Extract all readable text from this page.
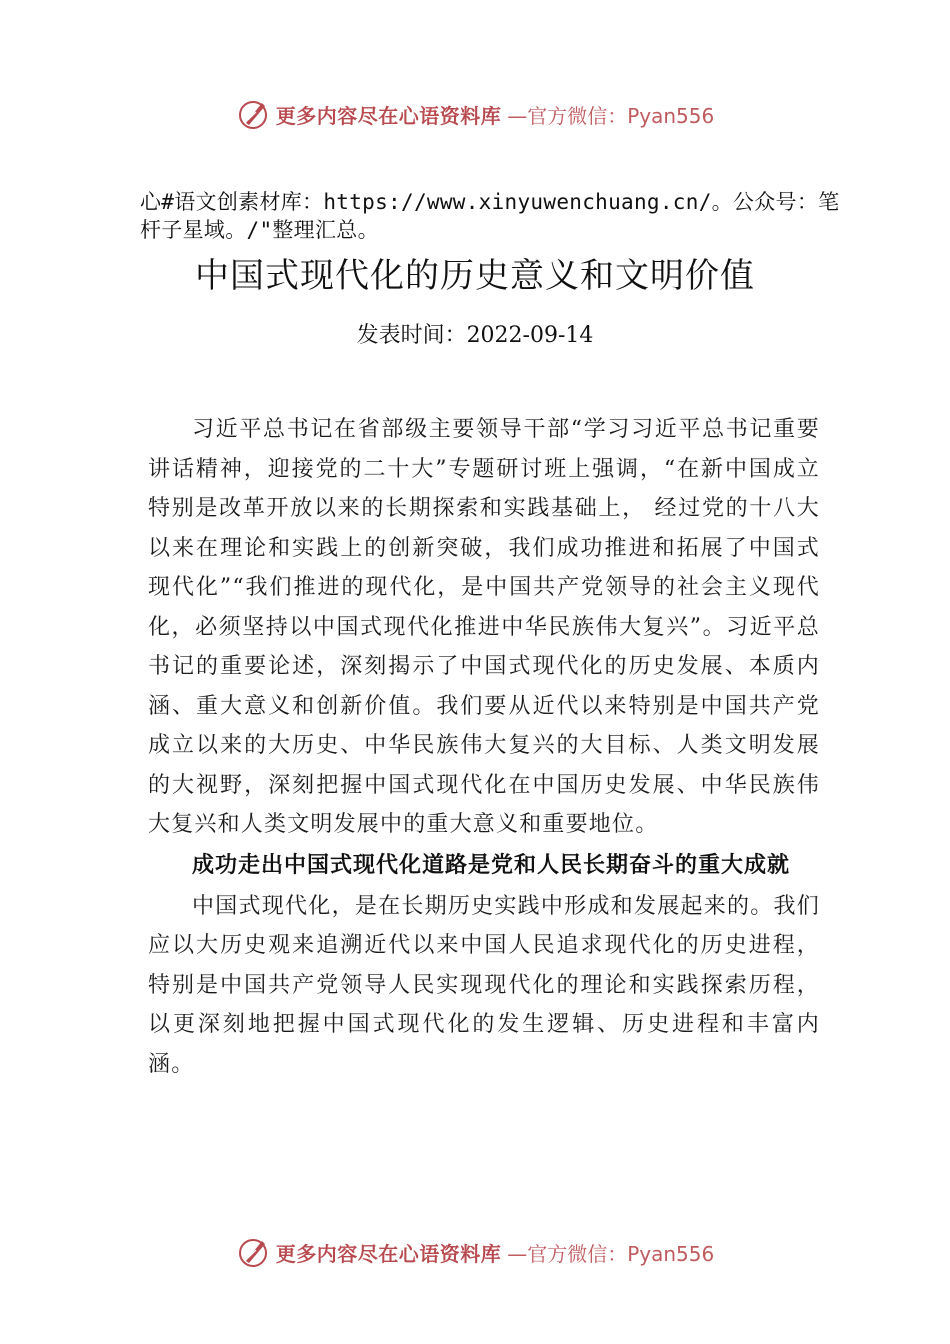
更多内容尽在心语资料库 —官方微信：Pyan556
心#语文创素材库：https://www.xinyuwenchuang.cn/。公众号：笔杆子星域。/"整理汇总。
中国式现代化的历史意义和文明价值
发表时间：2022-09-14

习近平总书记在省部级主要领导干部“学习习近平总书记重要讲话精神，迎接党的二十大”专题研讨班上强调，“在新中国成立特别是改革开放以来的长期探索和实践基础上， 经过党的十八大以来在理论和实践上的创新突破，我们成功推进和拓展了中国式现代化”“我们推进的现代化，是中国共产党领导的社会主义现代化，必须坚持以中国式现代化推进中华民族伟大复兴”。习近平总书记的重要论述，深刻揭示了中国式现代化的历史发展、本质内涵、重大意义和创新价值。我们要从近代以来特别是中国共产党成立以来的大历史、中华民族伟大复兴的大目标、人类文明发展的大视野，深刻把握中国式现代化在中国历史发展、中华民族伟大复兴和人类文明发展中的重大意义和重要地位。

成功走出中国式现代化道路是党和人民长期奋斗的重大成就

中国式现代化，是在长期历史实践中形成和发展起来的。我们应以大历史观来追溯近代以来中国人民追求现代化的历史进程，特别是中国共产党领导人民实现现代化的理论和实践探索历程，以更深刻地把握中国式现代化的发生逻辑、历史进程和丰富内涵。

更多内容尽在心语资料库 —官方微信：Pyan556
